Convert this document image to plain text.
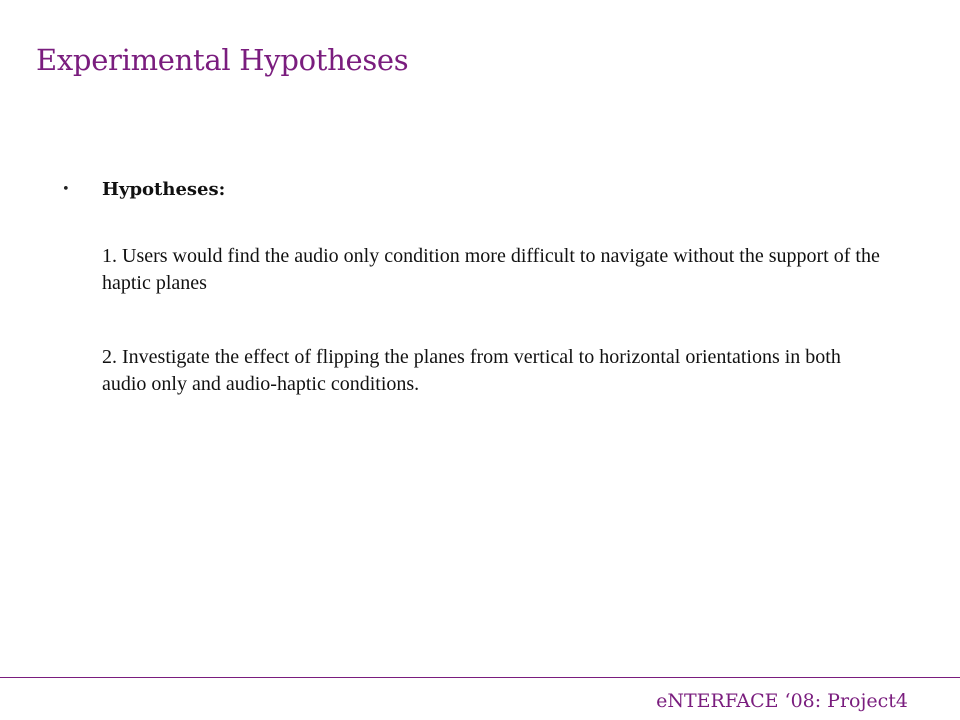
Experimental Hypotheses
•	Hypotheses:

1. Users would find the audio only condition more difficult to navigate without the support of the haptic planes

2. Investigate the effect of flipping the planes from vertical to horizontal orientations in both audio only and audio-haptic conditions.

eNTERFACE ‘08: Project4
